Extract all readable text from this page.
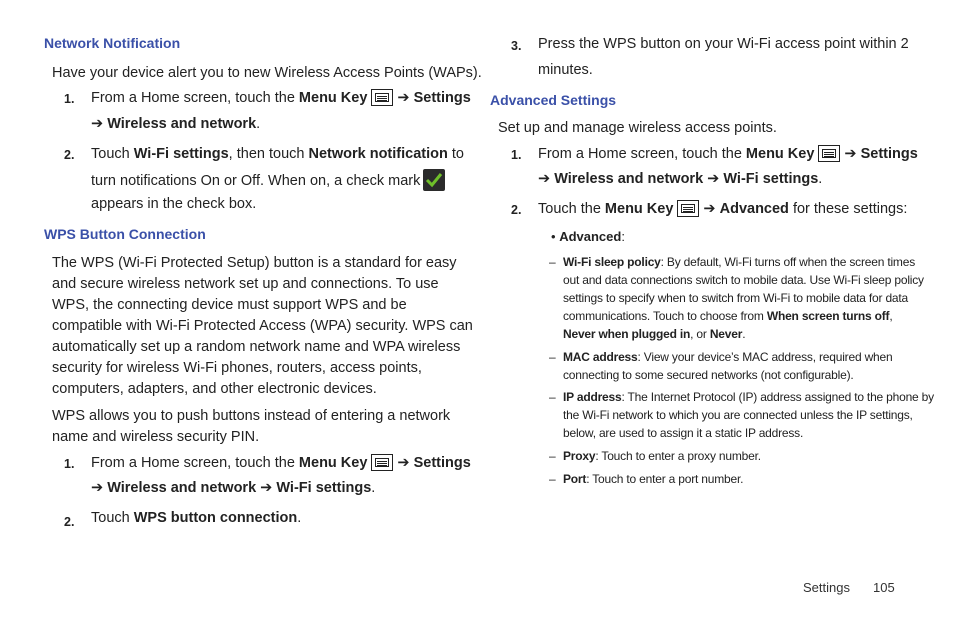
Network Notification
Have your device alert you to new Wireless Access Points (WAPs).
1. From a Home screen, touch the Menu Key ➔ Settings
➔ Wireless and network.
2. Touch Wi-Fi settings, then touch Network notification to
turn notifications On or Off. When on, a check mark
appears in the check box.
WPS Button Connection
The WPS (Wi-Fi Protected Setup) button is a standard for easy
and secure wireless network set up and connections. To use
WPS, the connecting device must support WPS and be
compatible with Wi-Fi Protected Access (WPA) security. WPS can
automatically set up a random network name and WPA wireless
security for wireless Wi-Fi phones, routers, access points,
computers, adapters, and other electronic devices.
WPS allows you to push buttons instead of entering a network
name and wireless security PIN.
1. From a Home screen, touch the Menu Key ➔ Settings
➔ Wireless and network ➔ Wi-Fi settings.
2. Touch WPS button connection.
3. Press the WPS button on your Wi-Fi access point within 2
minutes.
Advanced Settings
Set up and manage wireless access points.
1. From a Home screen, touch the Menu Key ➔ Settings
➔ Wireless and network ➔ Wi-Fi settings.
2. Touch the Menu Key ➔ Advanced for these settings:
• Advanced:
– Wi-Fi sleep policy: By default, Wi-Fi turns off when the screen times
out and data connections switch to mobile data. Use Wi-Fi sleep policy
settings to specify when to switch from Wi-Fi to mobile data for data
communications. Touch to choose from When screen turns off,
Never when plugged in, or Never.
– MAC address: View your device’s MAC address, required when
connecting to some secured networks (not configurable).
– IP address: The Internet Protocol (IP) address assigned to the phone by
the Wi-Fi network to which you are connected unless the IP settings,
below, are used to assign it a static IP address.
– Proxy: Touch to enter a proxy number.
– Port: Touch to enter a port number.
Settings 105
